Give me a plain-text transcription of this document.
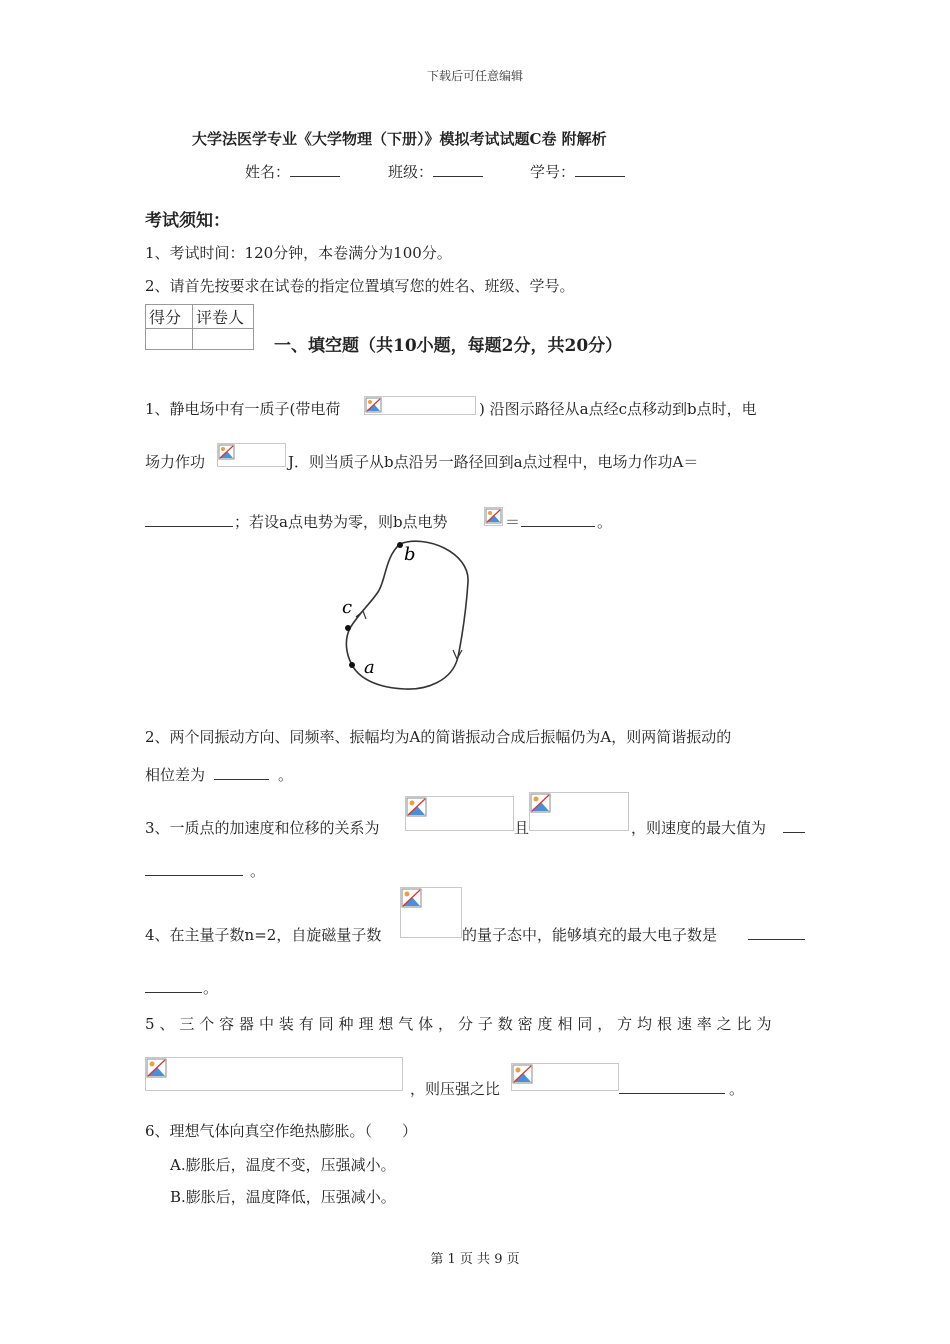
下载后可任意编辑
大学法医学专业《大学物理（下册）》模拟考试试题C卷 附解析
姓名：	班级：	学号：
考试须知：
1、考试时间：120分钟，本卷满分为100分。
2、请首先按要求在试卷的指定位置填写您的姓名、班级、学号。
得分	评卷人

一、填空题（共10小题，每题2分，共20分）
1、静电场中有一质子(带电荷	) 沿图示路径从a点经c点移动到b点时，电
场力作功	J．则当质子从b点沿另一路径回到a点过程中，电场力作功A＝
；若设a点电势为零，则b点电势	＝	。
b
c
a
2、两个同振动方向、同频率、振幅均为A的简谐振动合成后振幅仍为A，则两简谐振动的
相位差为	。
3、一质点的加速度和位移的关系为	且	，则速度的最大值为
。
4、在主量子数n=2，自旋磁量子数	的量子态中，能够填充的最大电子数是
。
5、三个容器中装有同种理想气体，分子数密度相同，方均根速率之比为
，则压强之比	。
6、理想气体向真空作绝热膨胀。（　　）
A.膨胀后，温度不变，压强减小。
B.膨胀后，温度降低，压强减小。
第 1 页 共 9 页
